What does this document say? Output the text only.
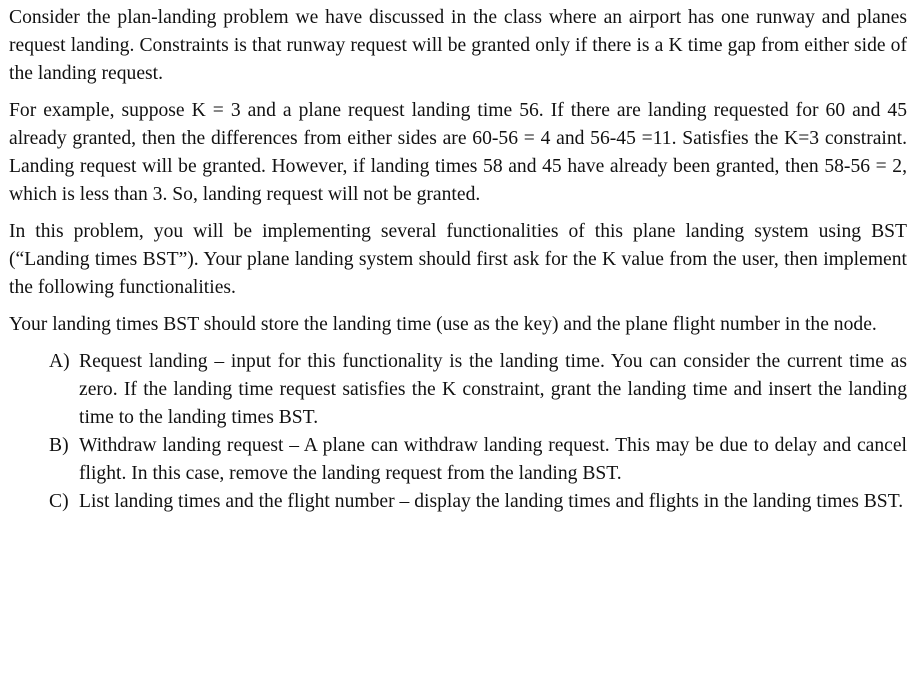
Consider the plan-landing problem we have discussed in the class where an airport has one runway and planes request landing. Constraints is that runway request will be granted only if there is a K time gap from either side of the landing request.

For example, suppose K = 3 and a plane request landing time 56. If there are landing requested for 60 and 45 already granted, then the differences from either sides are 60-56 = 4 and 56-45 =11. Satisfies the K=3 constraint. Landing request will be granted. However, if landing times 58 and 45 have already been granted, then 58-56 = 2, which is less than 3. So, landing request will not be granted.

In this problem, you will be implementing several functionalities of this plane landing system using BST (“Landing times BST”). Your plane landing system should first ask for the K value from the user, then implement the following functionalities.

Your landing times BST should store the landing time (use as the key) and the plane flight number in the node.

A) Request landing – input for this functionality is the landing time. You can consider the current time as zero. If the landing time request satisfies the K constraint, grant the landing time and insert the landing time to the landing times BST.
B) Withdraw landing request – A plane can withdraw landing request. This may be due to delay and cancel flight. In this case, remove the landing request from the landing BST.
C) List landing times and the flight number – display the landing times and flights in the landing times BST.
